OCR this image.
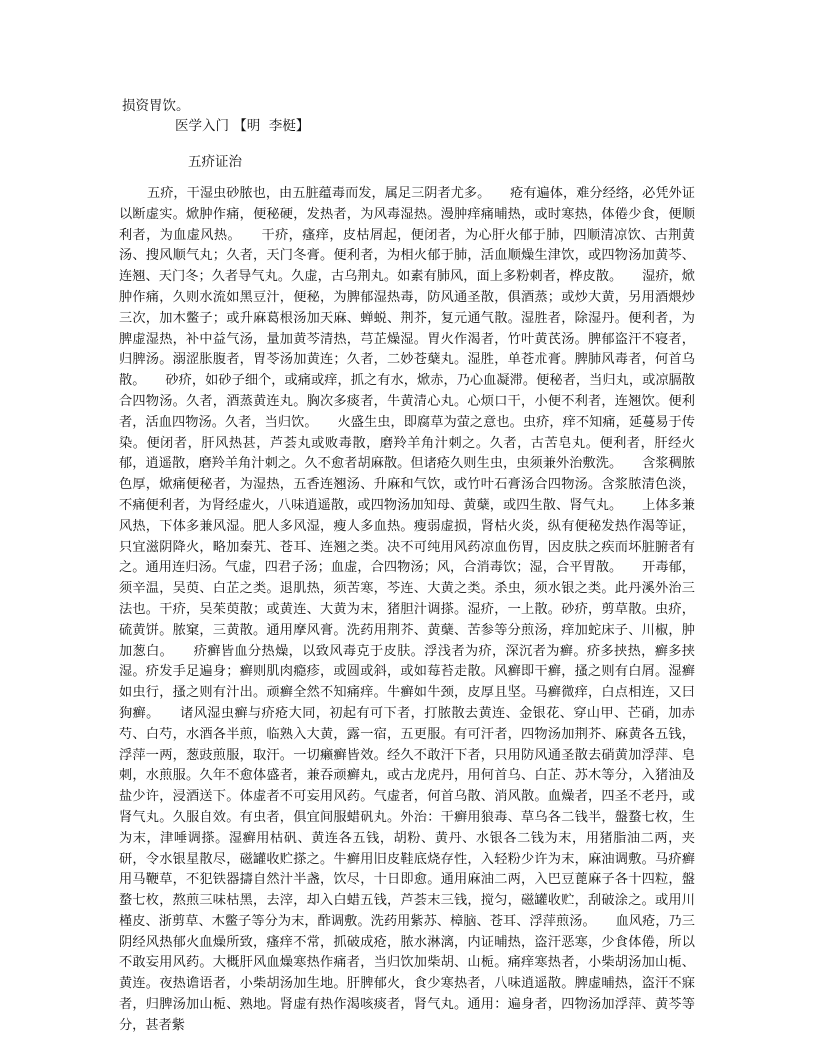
损资胃饮。
医学入门 【明 李梃】
五疥证治

五疥，干湿虫砂脓也，由五脏蕴毒而发，属足三阴者尤多。　　疮有遍体，难分经络，必凭外证以断虚实。焮肿作痛，便秘硬，发热者，为风毒湿热。漫肿痒痛晡热，或时寒热，体倦少食，便顺利者，为血虚风热。　　干疥，瘙痒，皮枯屑起，便闭者，为心肝火郁于肺，四顺清凉饮、古荆黄汤、搜风顺气丸；久者，天门冬膏。便利者，为相火郁于肺，活血顺燥生津饮，或四物汤加黄芩、连翘、天门冬；久者导气丸。久虚，古乌荆丸。如素有肺风，面上多粉刺者，桦皮散。　　湿疥，焮肿作痛，久则水流如黑豆汁，便秘，为脾郁湿热毒，防风通圣散，俱酒蒸；或炒大黄，另用酒煨炒三次，加木鳖子；或升麻葛根汤加天麻、蝉蜕、荆芥，复元通气散。湿胜者，除湿丹。便利者，为脾虚湿热，补中益气汤，量加黄芩清热，芎芷燥湿。胃火作渴者，竹叶黄芪汤。脾郁盗汗不寝者，归脾汤。溺涩胀腹者，胃苓汤加黄连；久者，二妙苍蘖丸。湿胜，单苍朮膏。脾肺风毒者，何首乌散。　　砂疥，如砂子细个，或痛或痒，抓之有水，焮赤，乃心血凝滞。便秘者，当归丸，或凉膈散合四物汤。久者，酒蒸黄连丸。胸次多痰者，牛黄清心丸。心烦口干，小便不利者，连翘饮。便利者，活血四物汤。久者，当归饮。　　火盛生虫，即腐草为萤之意也。虫疥，痒不知痛，延蔓易于传染。便闭者，肝风热甚，芦荟丸或败毒散，磨羚羊角汁刺之。久者，古苦皂丸。便利者，肝经火郁，逍遥散，磨羚羊角汁刺之。久不愈者胡麻散。但诸疮久则生虫，虫须兼外治敷洗。　　含浆稠脓色厚，焮痛便秘者，为湿热，五香连翘汤、升麻和气饮，或竹叶石膏汤合四物汤。含浆脓清色淡，不痛便利者，为肾经虚火，八味逍遥散，或四物汤加知母、黄蘖，或四生散、肾气丸。　　上体多兼风热，下体多兼风湿。肥人多风湿，瘦人多血热。瘦弱虚损，肾枯火炎，纵有便秘发热作渴等证，只宜滋阴降火，略加秦艽、苍耳、连翘之类。决不可纯用风药凉血伤胃，因皮肤之疾而坏脏腑者有之。通用连归汤。气虚，四君子汤；血虚，合四物汤；风，合消毒饮；湿，合平胃散。　　开毒郁，须辛温，吴萸、白芷之类。退肌热，须苦寒，芩连、大黄之类。杀虫，须水银之类。此丹溪外治三法也。干疥，吴茱萸散；或黄连、大黄为末，猪胆汁调搽。湿疥，一上散。砂疥，剪草散。虫疥，硫黄饼。脓窠，三黄散。通用摩风膏。洗药用荆芥、黄蘖、苦参等分煎汤，痒加蛇床子、川椒，肿加葱白。　　疥癣皆血分热燥，以致风毒克于皮肤。浮浅者为疥，深沉者为癣。疥多挟热，癣多挟湿。疥发手足遍身；癣则肌肉瘾疹，或圆或斜，或如莓苔走散。风癣即干癣，搔之则有白屑。湿癣如虫行，搔之则有汁出。顽癣全然不知痛痒。牛癣如牛颈，皮厚且坚。马癣微痒，白点相连，又曰狗癣。　　诸风湿虫癣与疥疮大同，初起有可下者，打脓散去黄连、金银花、穿山甲、芒硝，加赤芍、白芍，水酒各半煎，临熟入大黄，露一宿，五更服。有可汗者，四物汤加荆芥、麻黄各五钱，浮萍一两，葱豉煎服，取汗。一切癞癣皆效。经久不敢汗下者，只用防风通圣散去硝黄加浮萍、皂刺，水煎服。久年不愈体盛者，兼吞顽癣丸，或古龙虎丹，用何首乌、白芷、苏木等分，入猪油及盐少许，浸酒送下。体虚者不可妄用风药。气虚者，何首乌散、消风散。血燥者，四圣不老丹，或肾气丸。久服自效。有虫者，俱宜间服蜡矾丸。外治：干癣用狼毒、草乌各二钱半，盤蝥七枚，生为末，津唾调搽。湿癣用枯矾、黄连各五钱，胡粉、黄丹、水银各二钱为末，用猪脂油二两，夹研，令水银星散尽，磁罐收贮搽之。牛癣用旧皮鞋底烧存性，入轻粉少许为末，麻油调敷。马疥癣用马鞭草，不犯铁器擣自然汁半盏，饮尽，十日即愈。通用麻油二两，入巴豆蓖麻子各十四粒，盤蝥七枚，熬煎三味枯黑，去滓，却入白蜡五钱，芦荟末三钱，搅匀，磁罐收贮，刮破涂之。或用川槿皮、浙剪草、木鳖子等分为末，酢调敷。洗药用紫苏、樟脑、苍耳、浮萍煎汤。　　血风疮，乃三阴经风热郁火血燥所致，瘙痒不常，抓破成疮，脓水淋漓，内证晡热，盗汗恶寒，少食体倦，所以不敢妄用风药。大概肝风血燥寒热作痛者，当归饮加柴胡、山栀。痛痒寒热者，小柴胡汤加山栀、黄连。夜热谵语者，小柴胡汤加生地。肝脾郁火，食少寒热者，八味逍遥散。脾虚晡热，盗汗不寐者，归脾汤加山栀、熟地。肾虚有热作渴咳痰者，肾气丸。通用：遍身者，四物汤加浮萍、黄芩等分，甚者紫
